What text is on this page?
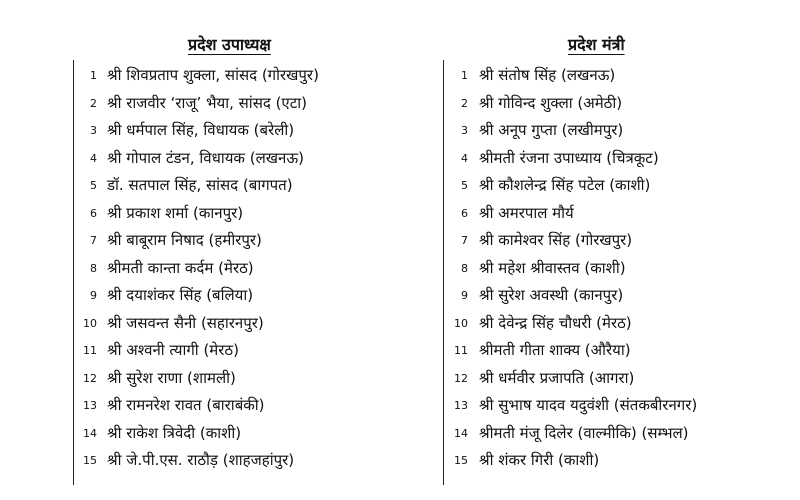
प्रदेश उपाध्यक्ष
1 श्री शिवप्रताप शुक्ला, सांसद (गोरखपुर)
2 श्री राजवीर ‘राजू’ भैया, सांसद (एटा)
3 श्री धर्मपाल सिंह, विधायक (बरेली)
4 श्री गोपाल टंडन, विधायक (लखनऊ)
5 डॉ. सतपाल सिंह, सांसद (बागपत)
6 श्री प्रकाश शर्मा (कानपुर)
7 श्री बाबूराम निषाद (हमीरपुर)
8 श्रीमती कान्ता कर्दम (मेरठ)
9 श्री दयाशंकर सिंह (बलिया)
10 श्री जसवन्त सैनी (सहारनपुर)
11 श्री अश्वनी त्यागी (मेरठ)
12 श्री सुरेश राणा (शामली)
13 श्री रामनरेश रावत (बाराबंकी)
14 श्री राकेश त्रिवेदी (काशी)
15 श्री जे.पी.एस. राठौड़ (शाहजहांपुर)
प्रदेश मंत्री
1 श्री संतोष सिंह (लखनऊ)
2 श्री गोविन्द शुक्ला (अमेठी)
3 श्री अनूप गुप्ता (लखीमपुर)
4 श्रीमती रंजना उपाध्याय (चित्रकूट)
5 श्री कौशलेन्द्र सिंह पटेल (काशी)
6 श्री अमरपाल मौर्य
7 श्री कामेश्वर सिंह (गोरखपुर)
8 श्री महेश श्रीवास्तव (काशी)
9 श्री सुरेश अवस्थी (कानपुर)
10 श्री देवेन्द्र सिंह चौधरी (मेरठ)
11 श्रीमती गीता शाक्य (औरैया)
12 श्री धर्मवीर प्रजापति (आगरा)
13 श्री सुभाष यादव यदुवंशी (संतकबीरनगर)
14 श्रीमती मंजू दिलेर (वाल्मीकि) (सम्भल)
15 श्री शंकर गिरी (काशी)
